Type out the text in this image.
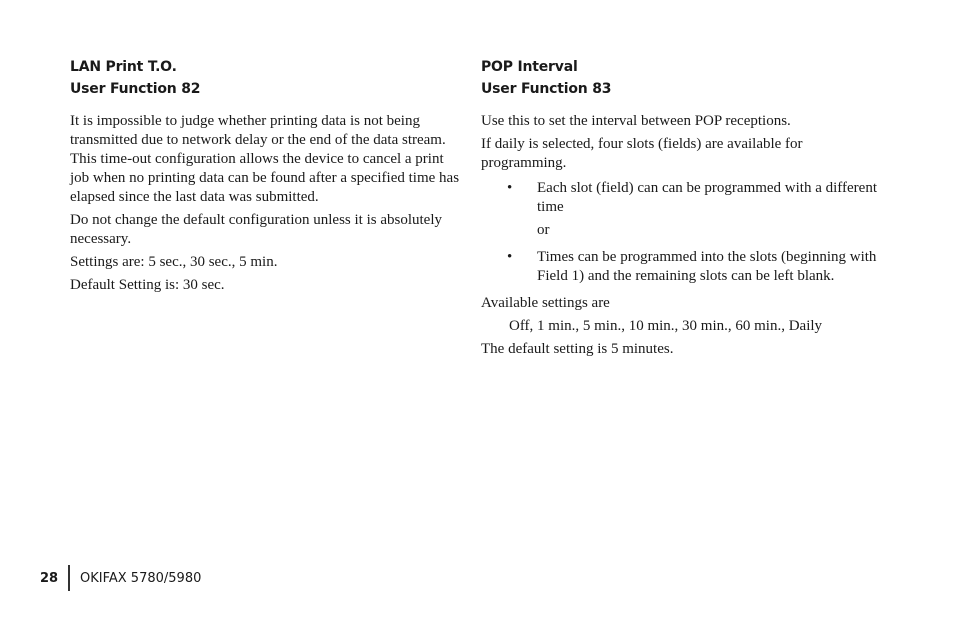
LAN Print T.O.
User Function 82

It is impossible to judge whether printing data is not being transmitted due to network delay or the end of the data stream. This time-out configuration allows the device to cancel a print job when no printing data can be found after a specified time has elapsed since the last data was submitted.

Do not change the default configuration unless it is absolutely necessary.

Settings are: 5 sec., 30 sec., 5 min.

Default Setting is: 30 sec.

POP Interval
User Function 83

Use this to set the interval between POP receptions.

If daily is selected, four slots (fields) are available for programming.

• Each slot (field) can can be programmed with a different time
or
• Times can be programmed into the slots (beginning with Field 1) and the remaining slots can be left blank.

Available settings are

Off, 1 min., 5 min., 10 min., 30 min., 60 min., Daily

The default setting is 5 minutes.

28	OKIFAX 5780/5980
